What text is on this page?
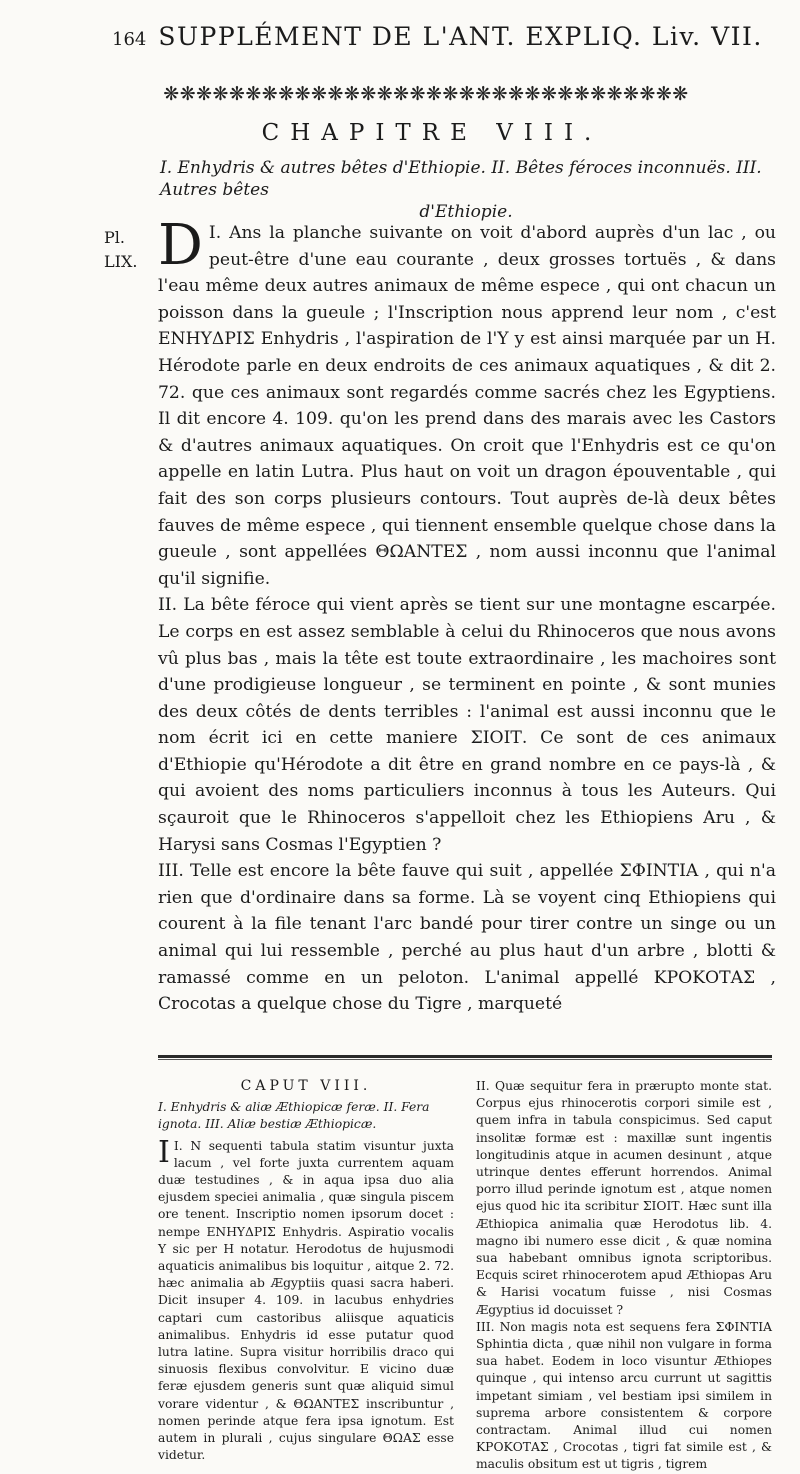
164 SUPPLÉMENT DE L'ANT. EXPLIQ. Liv. VII.
❋❋❋❋❋❋❋❋❋❋❋❋❋❋❋❋❋❋❋❋❋❋❋❋❋❋❋❋❋❋❋❋
CHAPITRE VIII.
I. Enhydris & autres bêtes d'Ethiopie. II. Bêtes féroces inconnuës. III. Autres bêtes
d'Ethiopie.
Pl.
LIX.

I.
D Ans la planche suivante on voit d'abord auprès d'un lac , ou peut-être d'une eau courante , deux grosses tortuës , & dans l'eau même deux autres animaux de même espece , qui ont chacun un poisson dans la gueule ; l'Inscription nous apprend leur nom , c'est ΕΝΗΥΔΡΙΣ Enhydris , l'aspiration de l'Υ y est ainsi marquée par un Η. Hérodote parle en deux endroits de ces animaux aquatiques , & dit 2. 72. que ces animaux sont regardés comme sacrés chez les Egyptiens. Il dit encore 4. 109. qu'on les prend dans des marais avec les Castors & d'autres animaux aquatiques. On croit que l'Enhydris est ce qu'on appelle en latin Lutra. Plus haut on voit un dragon épouventable , qui fait des son corps plusieurs contours. Tout auprès de-là deux bêtes fauves de même espece , qui tiennent ensemble quelque chose dans la gueule , sont appellées ΘΩΑΝΤΕΣ , nom aussi inconnu que l'animal qu'il signifie.

II. La bête féroce qui vient après se tient sur une montagne escarpée. Le corps en est assez semblable à celui du Rhinoceros que nous avons vû plus bas , mais la tête est toute extraordinaire , les machoires sont d'une prodigieuse longueur , se terminent en pointe , & sont munies des deux côtés de dents terribles : l'animal est aussi inconnu que le nom écrit ici en cette maniere ΣΙΟΙΤ. Ce sont de ces animaux d'Ethiopie qu'Hérodote a dit être en grand nombre en ce pays-là , & qui avoient des noms particuliers inconnus à tous les Auteurs. Qui sçauroit que le Rhinoceros s'appelloit chez les Ethiopiens Aru , & Harysi sans Cosmas l'Egyptien ?

III. Telle est encore la bête fauve qui suit , appellée ΣΦΙΝΤΙΑ , qui n'a rien que d'ordinaire dans sa forme. Là se voyent cinq Ethiopiens qui courent à la file tenant l'arc bandé pour tirer contre un singe ou un animal qui lui ressemble , perché au plus haut d'un arbre , blotti & ramassé comme en un peloton. L'animal appellé ΚΡΟΚΟΤΑΣ , Crocotas a quelque chose du Tigre , marqueté

CAPUT VIII.
I. Enhydris & aliæ Æthiopicæ feræ. II. Fera ignota. III. Aliæ bestiæ Æthiopicæ.

I.
I N sequenti tabula statim visuntur juxta lacum , vel forte juxta currentem aquam duæ testudines , & in aqua ipsa duo alia ejusdem speciei animalia , quæ singula piscem ore tenent. Inscriptio nomen ipsorum docet : nempe ΕΝΗΥΔΡΙΣ Enhydris. Aspiratio vocalis Υ sic per Η notatur. Herodotus de hujusmodi aquaticis animalibus bis loquitur , aitque 2. 72. hæc animalia ab Ægyptiis quasi sacra haberi. Dicit insuper 4. 109. in lacubus enhydries captari cum castoribus aliisque aquaticis animalibus. Enhydris id esse putatur quod lutra latine. Supra visitur horribilis draco qui sinuosis flexibus convolvitur. E vicino duæ feræ ejusdem generis sunt quæ aliquid simul vorare videntur , & ΘΩΑΝΤΕΣ inscribuntur , nomen perinde atque fera ipsa ignotum. Est autem in plurali , cujus singulare ΘΩΑΣ esse videtur.

II. Quæ sequitur fera in prærupto monte stat. Corpus ejus rhinocerotis corpori simile est , quem infra in tabula conspicimus. Sed caput insolitæ formæ est : maxillæ sunt ingentis longitudinis atque in acumen desinunt , atque utrinque dentes efferunt horrendos. Animal porro illud perinde ignotum est , atque nomen ejus quod hic ita scribitur ΣΙΟΙΤ. Hæc sunt illa Æthiopica animalia quæ Herodotus lib. 4. magno ibi numero esse dicit , & quæ nomina sua habebant omnibus ignota scriptoribus. Ecquis sciret rhinocerotem apud Æthiopas Aru & Harisi vocatum fuisse , nisi Cosmas Ægyptius id docuisset ?

III. Non magis nota est sequens fera ΣΦΙΝΤΙΑ Sphintia dicta , quæ nihil non vulgare in forma sua habet. Eodem in loco visuntur Æthiopes quinque , qui intenso arcu currunt ut sagittis impetant simiam , vel bestiam ipsi similem in suprema arbore consistentem & corpore contractam. Animal illud cui nomen ΚΡΟΚΟΤΑΣ , Crocotas , tigri fat simile est , & maculis obsitum est ut tigris , tigrem
